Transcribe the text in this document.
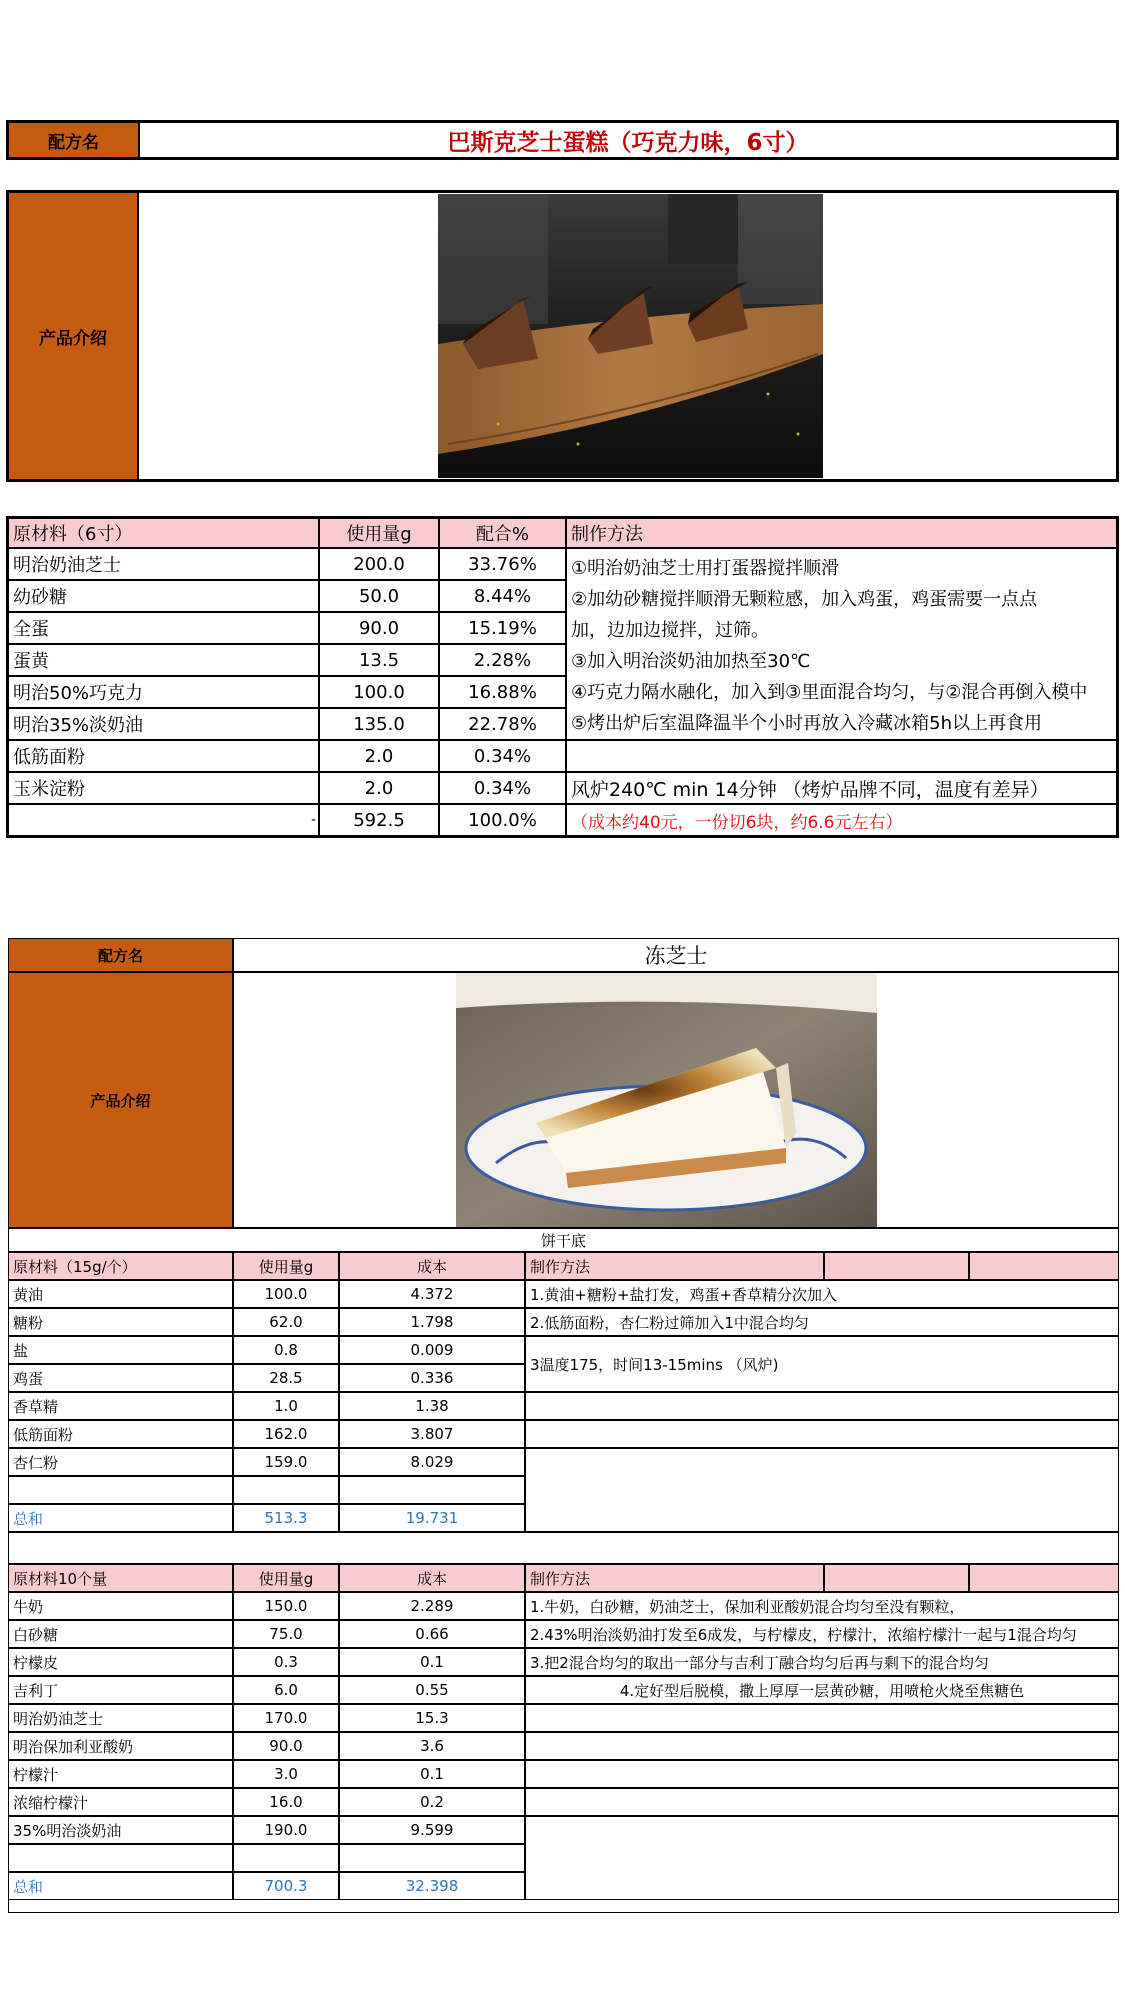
配方名	巴斯克芝士蛋糕（巧克力味，6寸）
产品介绍
原材料（6寸）	使用量g	配合%	制作方法
明治奶油芝士	200.0	33.76%
幼砂糖	50.0	8.44%
全蛋	90.0	15.19%
蛋黄	13.5	2.28%
明治50%巧克力	100.0	16.88%
明治35%淡奶油	135.0	22.78%
低筋面粉	2.0	0.34%
玉米淀粉	2.0	0.34%
-	592.5	100.0%
①明治奶油芝士用打蛋器搅拌顺滑
②加幼砂糖搅拌顺滑无颗粒感，加入鸡蛋，鸡蛋需要一点点
加，边加边搅拌，过筛。
③加入明治淡奶油加热至30℃
④巧克力隔水融化，加入到③里面混合均匀，与②混合再倒入模中
⑤烤出炉后室温降温半个小时再放入冷藏冰箱5h以上再食用
风炉240℃ min 14分钟 （烤炉品牌不同，温度有差异）
（成本约40元，一份切6块，约6.6元左右）
配方名	冻芝士
产品介绍
饼干底
原材料（15g/个）	使用量g	成本	制作方法
黄油	100.0	4.372
糖粉	62.0	1.798
盐	0.8	0.009
鸡蛋	28.5	0.336
香草精	1.0	1.38
低筋面粉	162.0	3.807
杏仁粉	159.0	8.029
总和	513.3	19.731
1.黄油+糖粉+盐打发，鸡蛋+香草精分次加入
2.低筋面粉，杏仁粉过筛加入1中混合均匀
3温度175，时间13-15mins （风炉)
原材料10个量	使用量g	成本	制作方法
牛奶	150.0	2.289
白砂糖	75.0	0.66
柠檬皮	0.3	0.1
吉利丁	6.0	0.55
明治奶油芝士	170.0	15.3
明治保加利亚酸奶	90.0	3.6
柠檬汁	3.0	0.1
浓缩柠檬汁	16.0	0.2
35%明治淡奶油	190.0	9.599
总和	700.3	32.398
1.牛奶，白砂糖，奶油芝士，保加利亚酸奶混合均匀至没有颗粒，
2.43%明治淡奶油打发至6成发，与柠檬皮，柠檬汁，浓缩柠檬汁一起与1混合均匀
3.把2混合均匀的取出一部分与吉利丁融合均匀后再与剩下的混合均匀
4.定好型后脱模，撒上厚厚一层黄砂糖，用喷枪火烧至焦糖色
